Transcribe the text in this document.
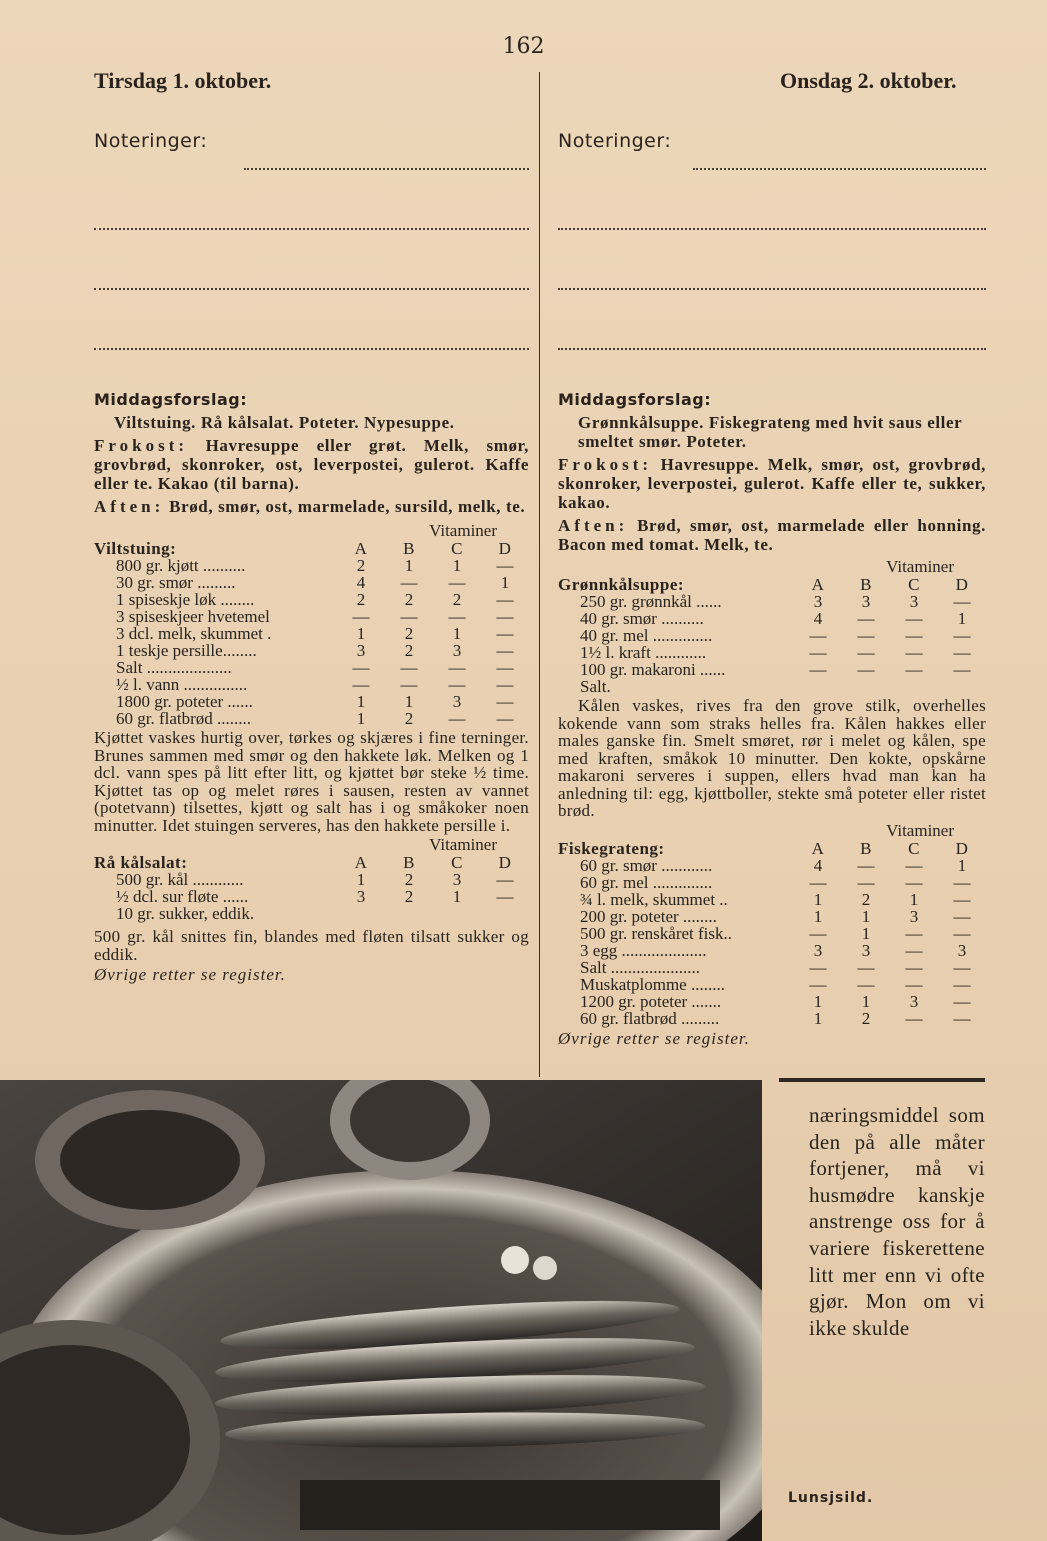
162
Tirsdag 1. oktober.	Onsdag 2. oktober.
Noteringer:
Middagsforslag:
Viltstuing. Rå kålsalat. Poteter. Nypesuppe.
Frokost: Havresuppe eller grøt. Melk, smør, grovbrød, skonroker, ost, leverpostei, gulerot. Kaffe eller te. Kakao (til barna).
Aften: Brød, smør, ost, marmelade, sursild, melk, te.
Vitaminer
Viltstuing:	A	B	C	D
800 gr. kjøtt ..........	2	1	1	—
30 gr. smør .........	4	—	—	1
1 spiseskje løk ........	2	2	2	—
3 spiseskjeer hvetemel	—	—	—	—
3 dcl. melk, skummet .	1	2	1	—
1 teskje persille........	3	2	3	—
Salt ....................	—	—	—	—
½ l. vann ...............	—	—	—	—
1800 gr. poteter ......	1	1	3	—
60 gr. flatbrød ........	1	2	—	—
Kjøttet vaskes hurtig over, tørkes og skjæres i fine terninger. Brunes sammen med smør og den hakkete løk. Melken og 1 dcl. vann spes på litt efter litt, og kjøttet bør steke ½ time. Kjøttet tas op og melet røres i sausen, resten av vannet (potetvann) tilsettes, kjøtt og salt has i og småkoker noen minutter. Idet stuingen serveres, has den hakkete persille i.
Vitaminer
Rå kålsalat:	A	B	C	D
500 gr. kål ............	1	2	3	—
½ dcl. sur fløte ......	3	2	1	—
10 gr. sukker, eddik.				
500 gr. kål snittes fin, blandes med fløten tilsatt sukker og eddik.
Øvrige retter se register.
Noteringer:
Middagsforslag:
Grønnkålsuppe. Fiskegrateng med hvit saus eller smeltet smør. Poteter.
Frokost: Havresuppe. Melk, smør, ost, grovbrød, skonroker, leverpostei, gulerot. Kaffe eller te, sukker, kakao.
Aften: Brød, smør, ost, marmelade eller honning. Bacon med tomat. Melk, te.
Vitaminer
Grønnkålsuppe:	A	B	C	D
250 gr. grønnkål ......	3	3	3	—
40 gr. smør ..........	4	—	—	1
40 gr. mel ..............	—	—	—	—
1½ l. kraft ............	—	—	—	—
100 gr. makaroni ......	—	—	—	—
Salt.				
Kålen vaskes, rives fra den grove stilk, overhelles kokende vann som straks helles fra. Kålen hakkes eller males ganske fin. Smelt smøret, rør i melet og kålen, spe med kraften, småkok 10 minutter. Den kokte, opskårne makaroni serveres i suppen, ellers hvad man kan ha anledning til: egg, kjøttboller, stekte små poteter eller ristet brød.
Vitaminer
Fiskegrateng:	A	B	C	D
60 gr. smør ............	4	—	—	1
60 gr. mel ..............	—	—	—	—
¾ l. melk, skummet ..	1	2	1	—
200 gr. poteter ........	1	1	3	—
500 gr. renskåret fisk..	—	1	—	—
3 egg ....................	3	3	—	3
Salt .....................	—	—	—	—
Muskatplomme ........	—	—	—	—
1200 gr. poteter .......	1	1	3	—
60 gr. flatbrød .........	1	2	—	—
Øvrige retter se register.
næringsmiddel som den på alle måter fortjener, må vi husmødre kanskje anstrenge oss for å variere fiskerettene litt mer enn vi ofte gjør. Mon om vi ikke skulde
Lunsjsild.
